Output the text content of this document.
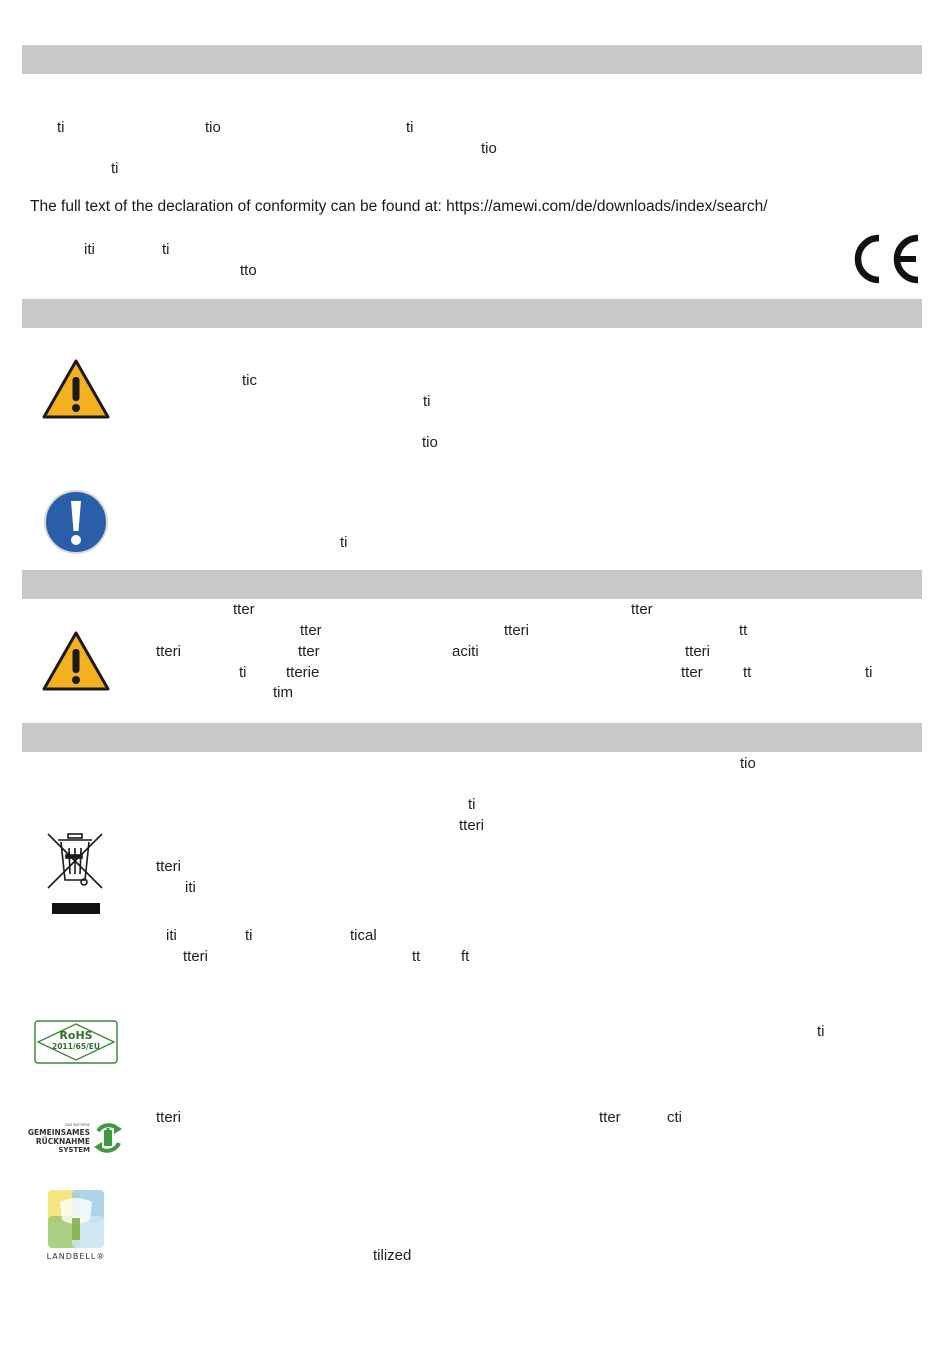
ti	tio	ti
tio
ti
The full text of the declaration of conformity can be found at: https://amewi.com/de/downloads/index/search/
iti	ti
tto
tic
ti
tio
ti
tter	tter
tter	tteri	tt
tteri	tter	aciti	tteri
ti	tterie	tter	tt	ti
tim
tio
ti
tteri
tteri
iti
iti	ti	tical
tteri	tt	ft
RoHS
2011/65/EU
ti
DAS BATTERIE
GEMEINSAMES
RÜCKNAHME
SYSTEM
tteri	tter	cti
LANDBELL®	tilized
